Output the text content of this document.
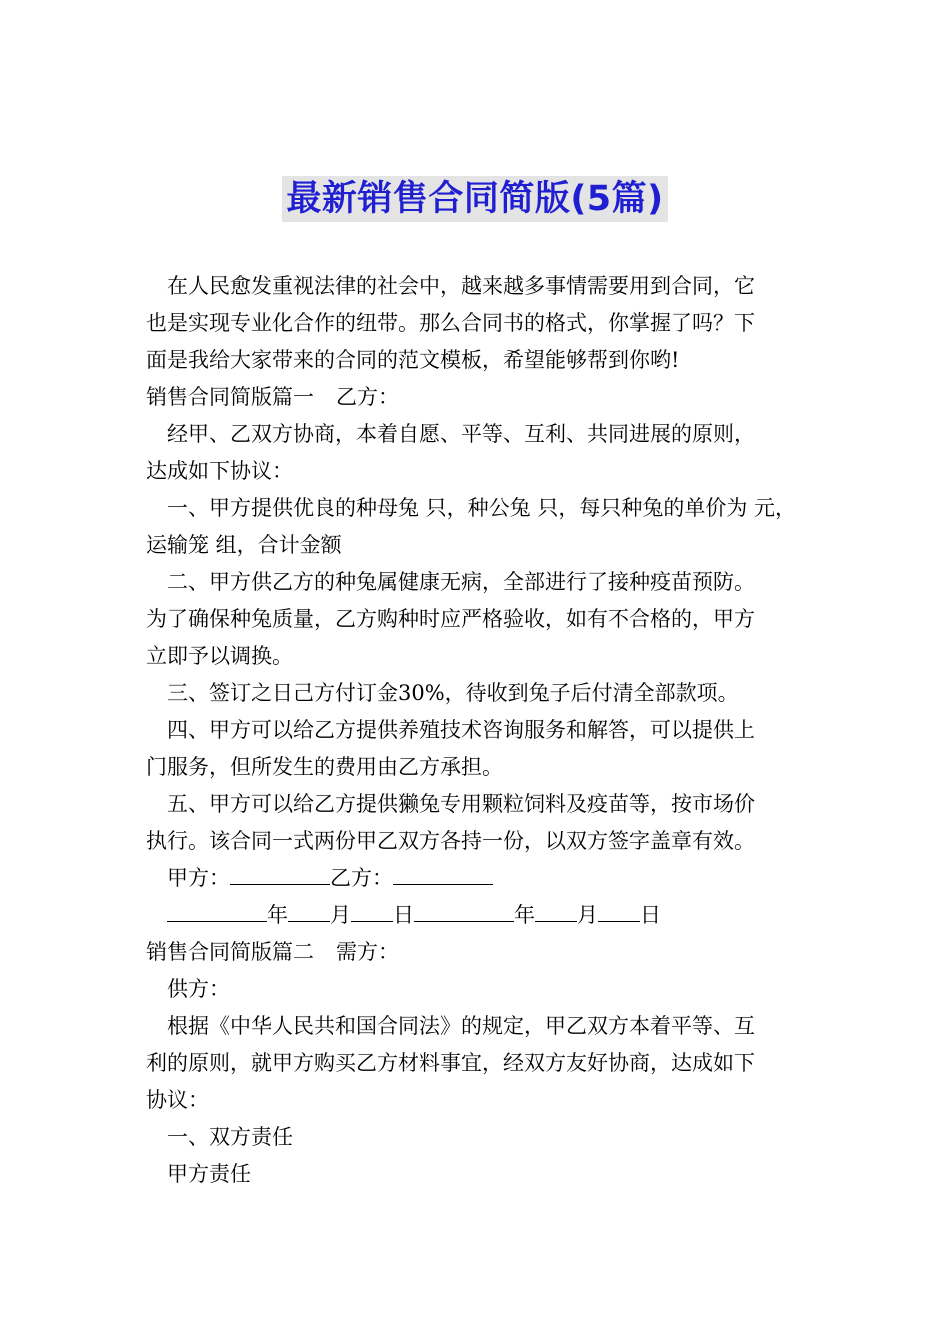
最新销售合同简版(5篇)

在人民愈发重视法律的社会中，越来越多事情需要用到合同，它

也是实现专业化合作的纽带。那么合同书的格式，你掌握了吗？下

面是我给大家带来的合同的范文模板，希望能够帮到你哟!

销售合同简版篇一 乙方：

经甲、乙双方协商，本着自愿、平等、互利、共同进展的原则，

达成如下协议：

一、甲方提供优良的种母兔 只，种公兔 只，每只种兔的单价为 元，

运输笼 组，合计金额

二、甲方供乙方的种兔属健康无病，全部进行了接种疫苗预防。

为了确保种兔质量，乙方购种时应严格验收，如有不合格的，甲方

立即予以调换。

三、签订之日己方付订金30%，待收到兔子后付清全部款项。

四、甲方可以给乙方提供养殖技术咨询服务和解答，可以提供上

门服务，但所发生的费用由乙方承担。

五、甲方可以给乙方提供獭兔专用颗粒饲料及疫苗等，按市场价

执行。该合同一式两份甲乙双方各持一份，以双方签字盖章有效。

甲方：	乙方：

年 月 日	年 月 日

销售合同简版篇二 需方：

供方：

根据《中华人民共和国合同法》的规定，甲乙双方本着平等、互

利的原则，就甲方购买乙方材料事宜，经双方友好协商，达成如下

协议：

一、双方责任

甲方责任
